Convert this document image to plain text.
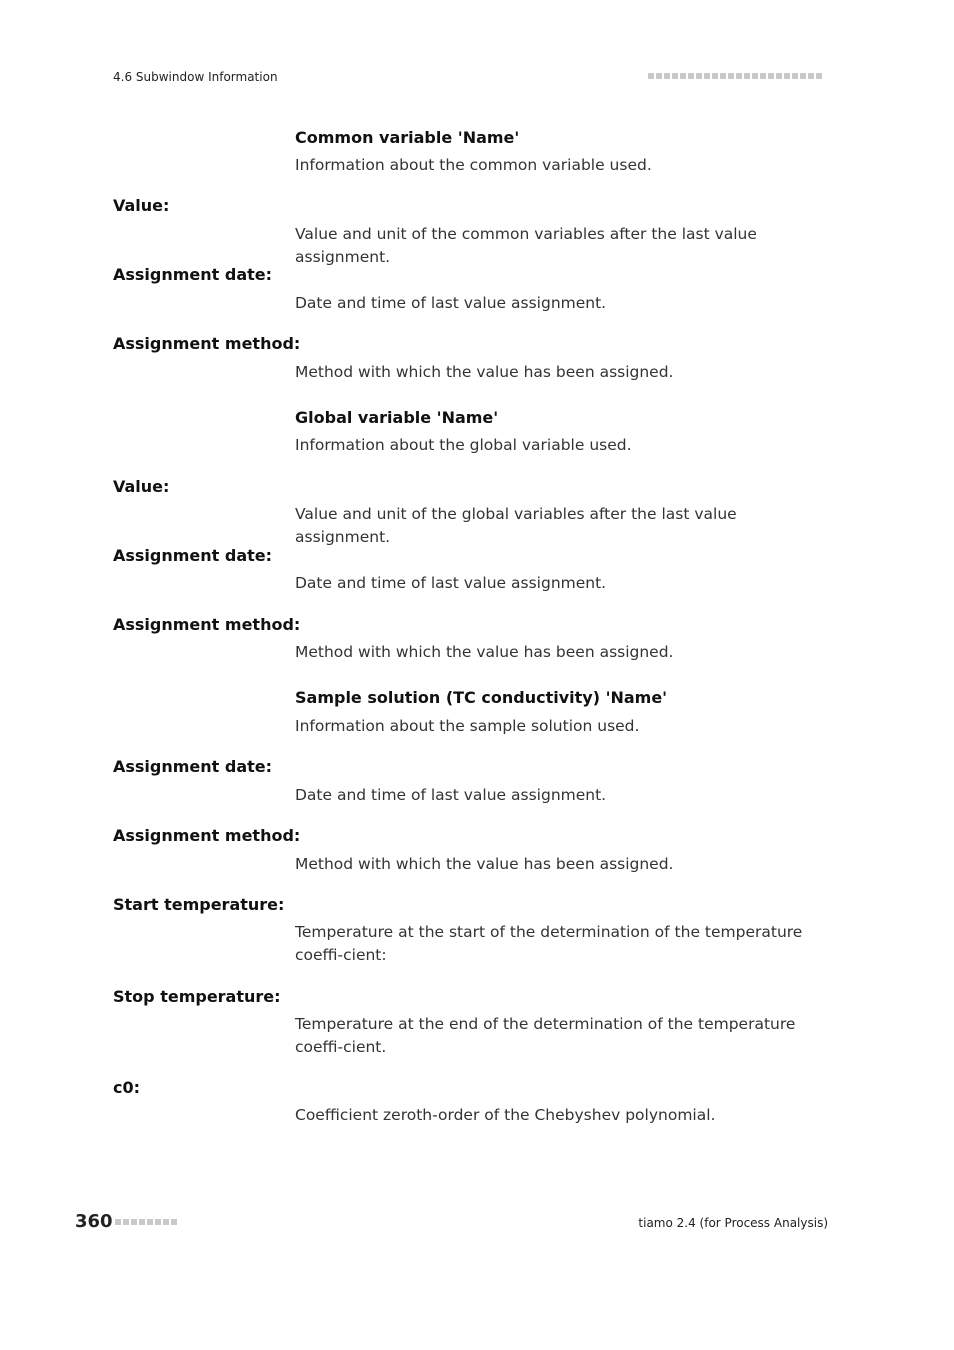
4.6 Subwindow Information
Common variable 'Name'
Information about the common variable used.
Value:
Value and unit of the common variables after the last value assignment.
Assignment date:
Date and time of last value assignment.
Assignment method:
Method with which the value has been assigned.
Global variable 'Name'
Information about the global variable used.
Value:
Value and unit of the global variables after the last value assignment.
Assignment date:
Date and time of last value assignment.
Assignment method:
Method with which the value has been assigned.
Sample solution (TC conductivity) 'Name'
Information about the sample solution used.
Assignment date:
Date and time of last value assignment.
Assignment method:
Method with which the value has been assigned.
Start temperature:
Temperature at the start of the determination of the temperature coeffi-cient:
Stop temperature:
Temperature at the end of the determination of the temperature coeffi-cient.
c0:
Coefficient zeroth-order of the Chebyshev polynomial.
360	tiamo 2.4 (for Process Analysis)
